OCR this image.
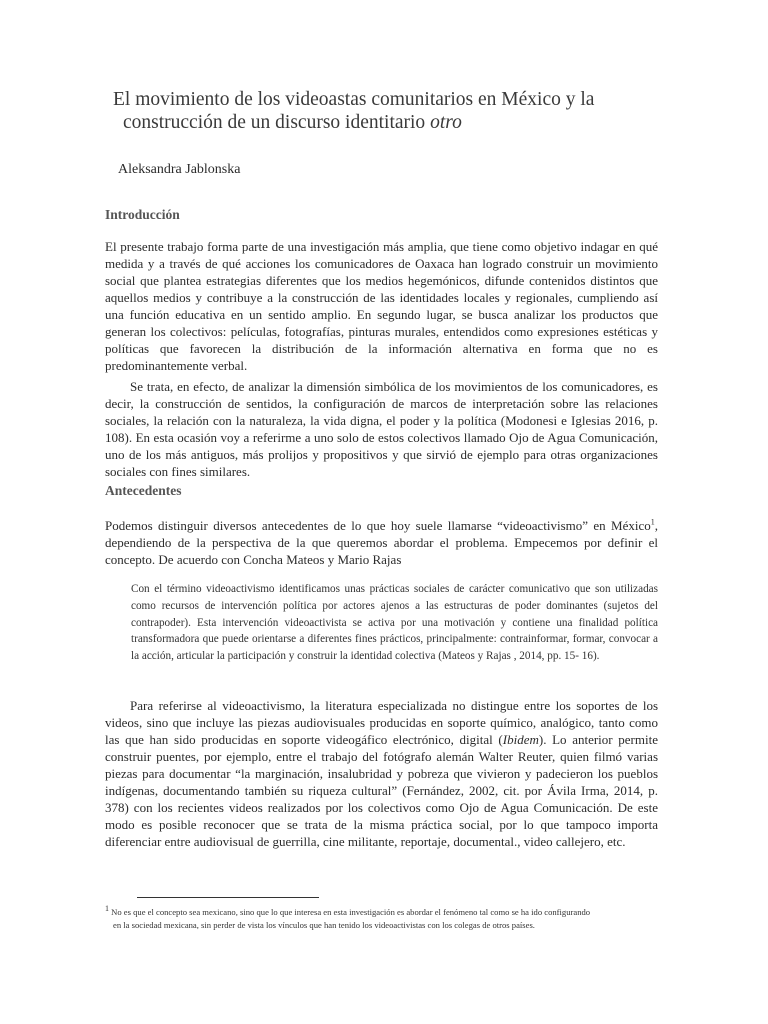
El movimiento de los videoastas comunitarios en México y la
construcción de un discurso identitario otro
Aleksandra Jablonska
Introducción

El presente trabajo forma parte de una investigación más amplia, que tiene como objetivo indagar en qué medida y a través de qué acciones los comunicadores de Oaxaca han logrado construir un movimiento social que plantea estrategias diferentes que los medios hegemónicos, difunde contenidos distintos que aquellos medios y contribuye a la construcción de las identidades locales y regionales, cumpliendo así una función educativa en un sentido amplio. En segundo lugar, se busca analizar los productos que generan los colectivos: películas, fotografías, pinturas murales, entendidos como expresiones estéticas y políticas que favorecen la distribución de la información alternativa en forma que no es predominantemente verbal.

Se trata, en efecto, de analizar la dimensión simbólica de los movimientos de los comunicadores, es decir, la construcción de sentidos, la configuración de marcos de interpretación sobre las relaciones sociales, la relación con la naturaleza, la vida digna, el poder y la política (Modonesi e Iglesias 2016, p. 108). En esta ocasión voy a referirme a uno solo de estos colectivos llamado Ojo de Agua Comunicación, uno de los más antiguos, más prolijos y propositivos y que sirvió de ejemplo para otras organizaciones sociales con fines similares.

Antecedentes

Podemos distinguir diversos antecedentes de lo que hoy suele llamarse “videoactivismo” en México$^1$, dependiendo de la perspectiva de la que queremos abordar el problema. Empecemos por definir el concepto. De acuerdo con Concha Mateos y Mario Rajas

Con el término videoactivismo identificamos unas prácticas sociales de carácter comunicativo que son utilizadas como recursos de intervención política por actores ajenos a las estructuras de poder dominantes (sujetos del contrapoder). Esta intervención videoactivista se activa por una motivación y contiene una finalidad política transformadora que puede orientarse a diferentes fines prácticos, principalmente: contrainformar, formar, convocar a la acción, articular la participación y construir la identidad colectiva (Mateos y Rajas , 2014, pp. 15- 16).

Para referirse al videoactivismo, la literatura especializada no distingue entre los soportes de los videos, sino que incluye las piezas audiovisuales producidas en soporte químico, analógico, tanto como las que han sido producidas en soporte videogáfico electrónico, digital (Ibidem). Lo anterior permite construir puentes, por ejemplo, entre el trabajo del fotógrafo alemán Walter Reuter, quien filmó varias piezas para documentar “la marginación, insalubridad y pobreza que vivieron y padecieron los pueblos indígenas, documentando también su riqueza cultural” (Fernández, 2002, cit. por Ávila Irma, 2014, p. 378) con los recientes videos realizados por los colectivos como Ojo de Agua Comunicación. De este modo es posible reconocer que se trata de la misma práctica social, por lo que tampoco importa diferenciar entre audiovisual de guerrilla, cine militante, reportaje, documental., video callejero, etc.

$^1$ No es que el concepto sea mexicano, sino que lo que interesa en esta investigación es abordar el fenómeno tal como se ha ido configurando
en la sociedad mexicana, sin perder de vista los vínculos que han tenido los videoactivistas con los colegas de otros países.
